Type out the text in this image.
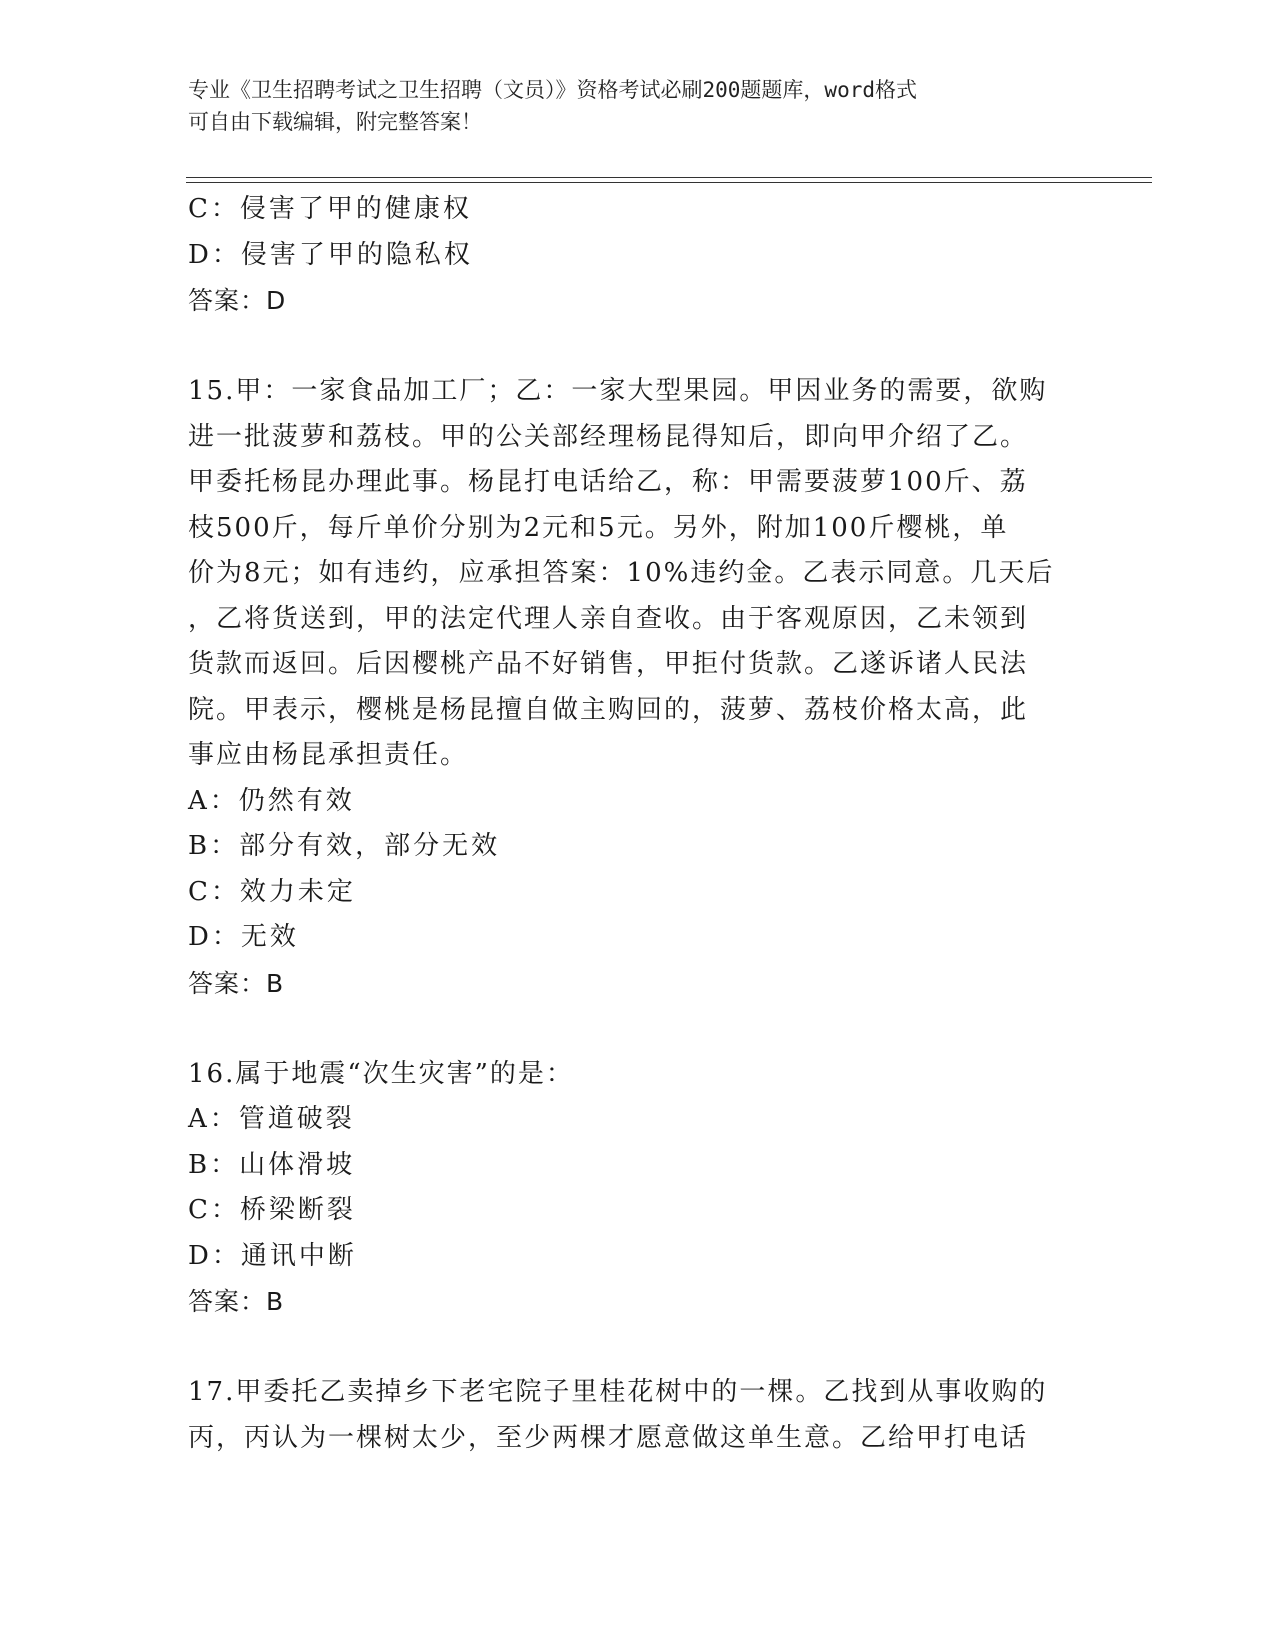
专业《卫生招聘考试之卫生招聘（文员）》资格考试必刷200题题库，word格式
可自由下载编辑，附完整答案！
C：侵害了甲的健康权
D：侵害了甲的隐私权
答案：D
15.甲：一家食品加工厂；乙：一家大型果园。甲因业务的需要，欲购
进一批菠萝和荔枝。甲的公关部经理杨昆得知后，即向甲介绍了乙。
甲委托杨昆办理此事。杨昆打电话给乙，称：甲需要菠萝100斤、荔
枝500斤，每斤单价分别为2元和5元。另外，附加100斤樱桃，单
价为8元；如有违约，应承担答案：10%违约金。乙表示同意。几天后
，乙将货送到，甲的法定代理人亲自查收。由于客观原因，乙未领到
货款而返回。后因樱桃产品不好销售，甲拒付货款。乙遂诉诸人民法
院。甲表示，樱桃是杨昆擅自做主购回的，菠萝、荔枝价格太高，此
事应由杨昆承担责任。
A：仍然有效
B：部分有效，部分无效
C：效力未定
D：无效
答案：B
16.属于地震“次生灾害”的是：
A：管道破裂
B：山体滑坡
C：桥梁断裂
D：通讯中断
答案：B
17.甲委托乙卖掉乡下老宅院子里桂花树中的一棵。乙找到从事收购的
丙，丙认为一棵树太少，至少两棵才愿意做这单生意。乙给甲打电话
